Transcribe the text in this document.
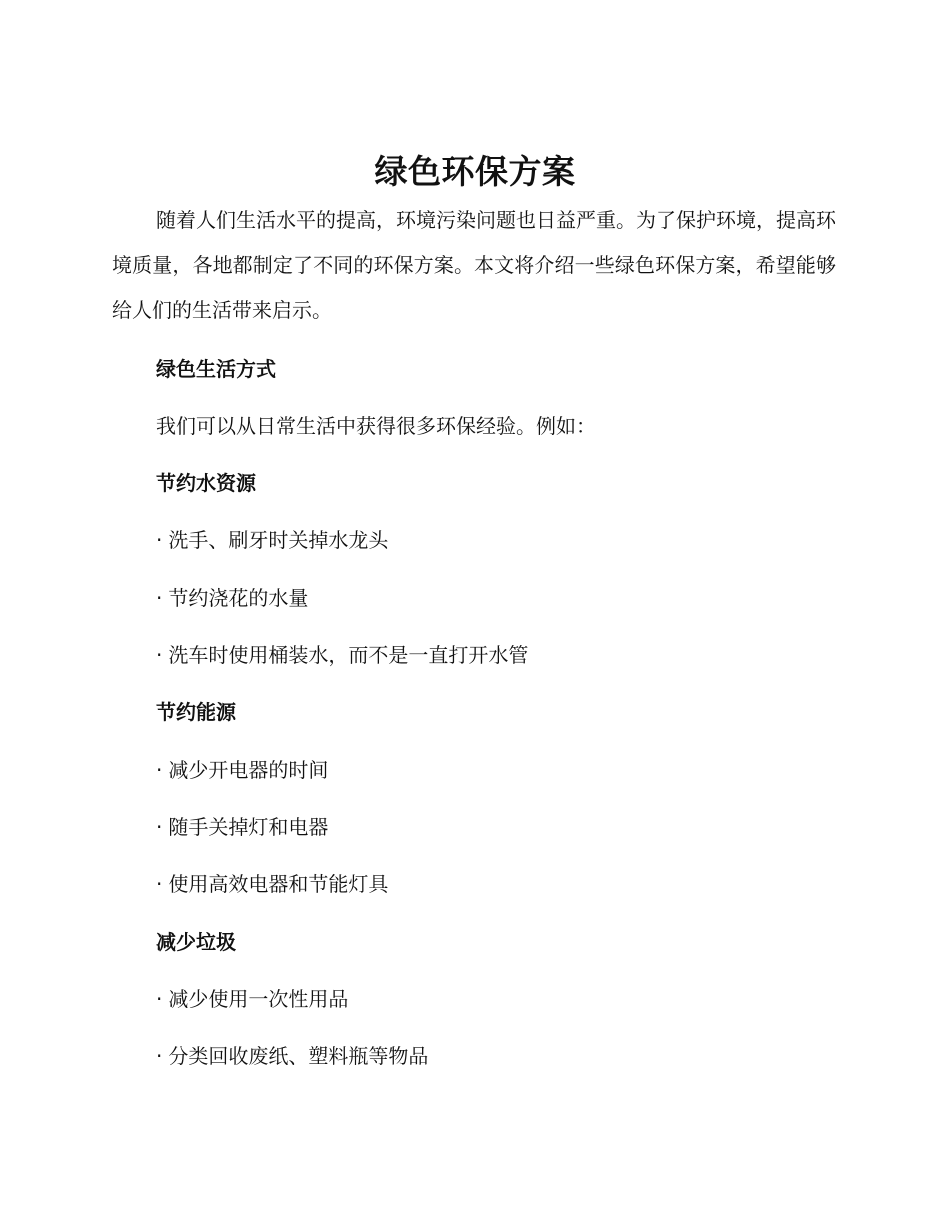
绿色环保方案

随着人们生活水平的提高，环境污染问题也日益严重。为了保护环境，提高环境质量，各地都制定了不同的环保方案。本文将介绍一些绿色环保方案，希望能够给人们的生活带来启示。

绿色生活方式
我们可以从日常生活中获得很多环保经验。例如：
节约水资源
· 洗手、刷牙时关掉水龙头
· 节约浇花的水量
· 洗车时使用桶装水，而不是一直打开水管
节约能源
· 减少开电器的时间
· 随手关掉灯和电器
· 使用高效电器和节能灯具
减少垃圾
· 减少使用一次性用品
· 分类回收废纸、塑料瓶等物品
